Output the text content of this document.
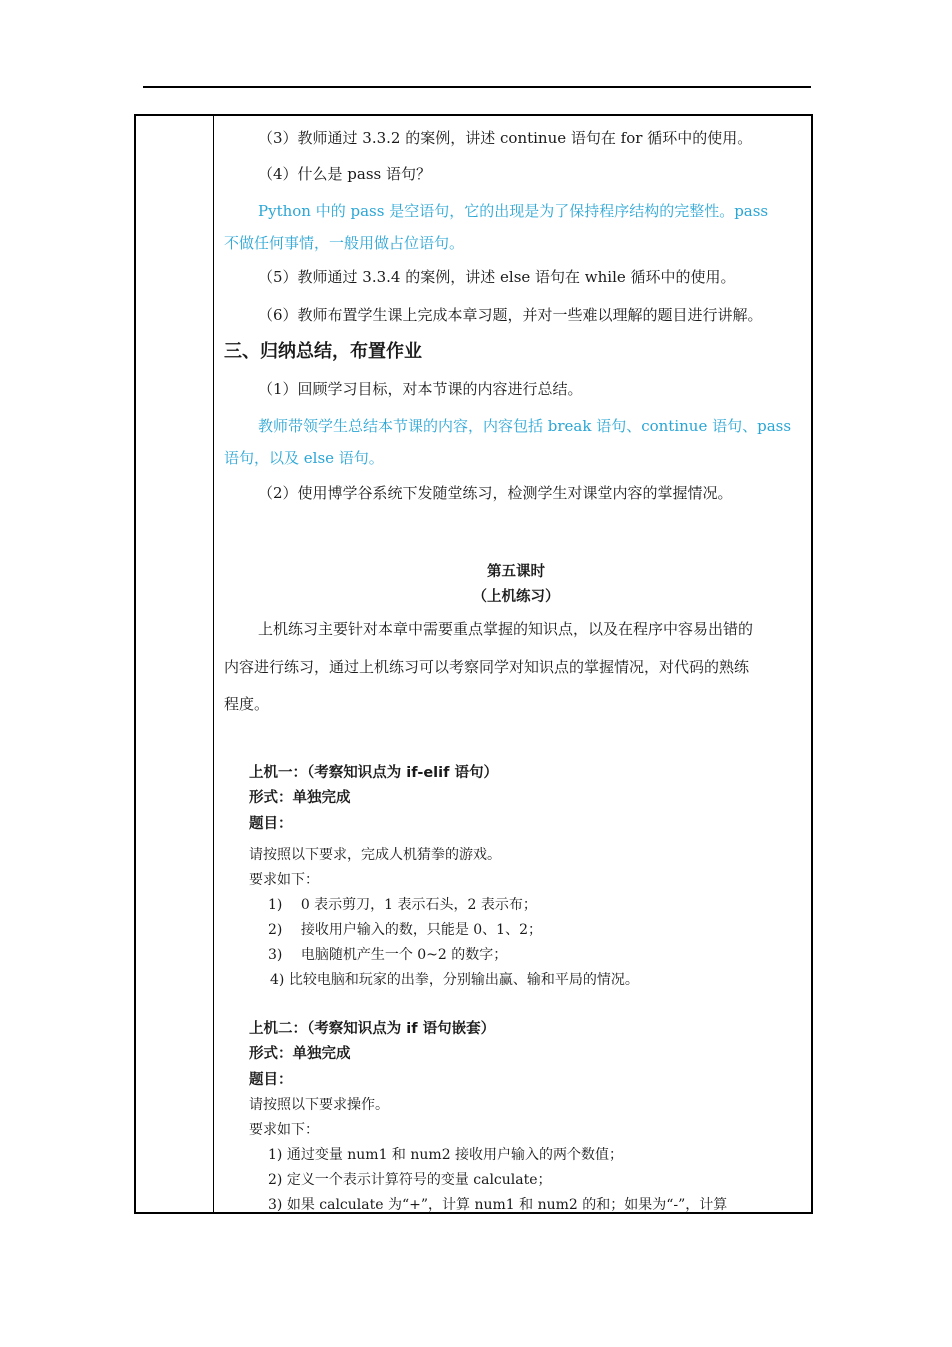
（3）教师通过 3.3.2 的案例，讲述 continue 语句在 for 循环中的使用。
（4）什么是 pass 语句？
Python 中的 pass 是空语句，它的出现是为了保持程序结构的完整性。pass
不做任何事情，一般用做占位语句。
（5）教师通过 3.3.4 的案例，讲述 else 语句在 while 循环中的使用。
（6）教师布置学生课上完成本章习题，并对一些难以理解的题目进行讲解。
三、归纳总结，布置作业
（1）回顾学习目标，对本节课的内容进行总结。
教师带领学生总结本节课的内容，内容包括 break 语句、continue 语句、pass
语句，以及 else 语句。
（2）使用博学谷系统下发随堂练习，检测学生对课堂内容的掌握情况。
第五课时
（上机练习）
上机练习主要针对本章中需要重点掌握的知识点，以及在程序中容易出错的
内容进行练习，通过上机练习可以考察同学对知识点的掌握情况，对代码的熟练
程度。
上机一：（考察知识点为 if-elif 语句）
形式：单独完成
题目：
请按照以下要求，完成人机猜拳的游戏。
要求如下：
1)　 0 表示剪刀，1 表示石头，2 表示布；
2)　 接收用户输入的数，只能是 0、1、2；
3)　 电脑随机产生一个 0~2 的数字；
4) 比较电脑和玩家的出拳，分别输出赢、输和平局的情况。
上机二：（考察知识点为 if 语句嵌套）
形式：单独完成
题目：
请按照以下要求操作。
要求如下：
1) 通过变量 num1 和 num2 接收用户输入的两个数值；
2) 定义一个表示计算符号的变量 calculate；
3) 如果 calculate 为“+”，计算 num1 和 num2 的和；如果为“-”，计算
